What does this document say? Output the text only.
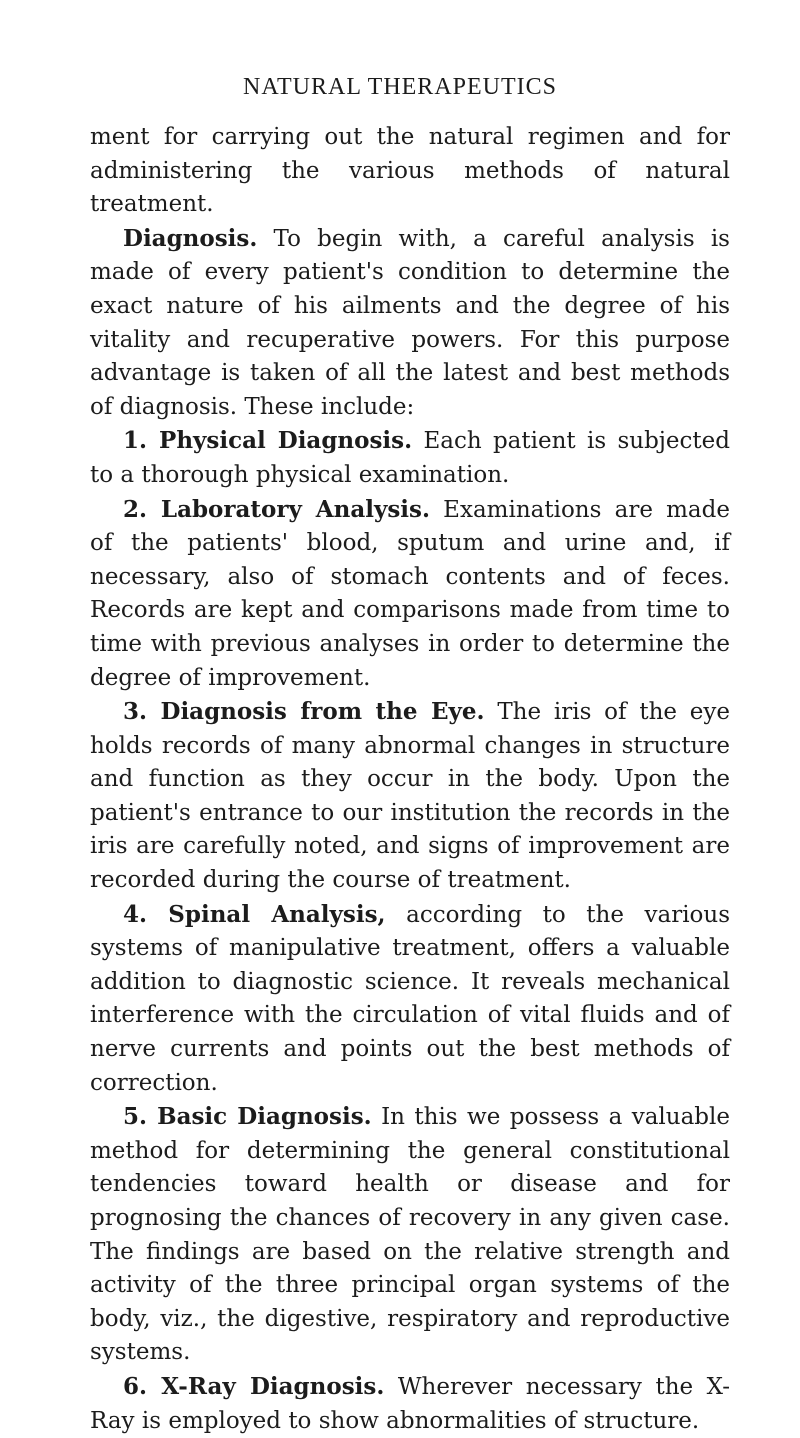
NATURAL THERAPEUTICS

ment for carrying out the natural regimen and for administering the various methods of natural treatment.

Diagnosis. To begin with, a careful analysis is made of every patient's condition to determine the exact nature of his ailments and the degree of his vitality and recuperative powers. For this purpose advantage is taken of all the latest and best methods of diagnosis. These include:

1. Physical Diagnosis. Each patient is subjected to a thorough physical examination.

2. Laboratory Analysis. Examinations are made of the patients' blood, sputum and urine and, if necessary, also of stomach contents and of feces. Records are kept and comparisons made from time to time with previous analyses in order to determine the degree of improvement.

3. Diagnosis from the Eye. The iris of the eye holds records of many abnormal changes in structure and function as they occur in the body. Upon the patient's entrance to our institution the records in the iris are carefully noted, and signs of improvement are recorded during the course of treatment.

4. Spinal Analysis, according to the various systems of manipulative treatment, offers a valuable addition to diagnostic science. It reveals mechanical interference with the circulation of vital fluids and of nerve currents and points out the best methods of correction.

5. Basic Diagnosis. In this we possess a valuable method for determining the general constitutional tendencies toward health or disease and for prognosing the chances of recovery in any given case. The findings are based on the relative strength and activity of the three principal organ systems of the body, viz., the digestive, respiratory and reproductive systems.

6. X-Ray Diagnosis. Wherever necessary the X-Ray is employed to show abnormalities of structure.
